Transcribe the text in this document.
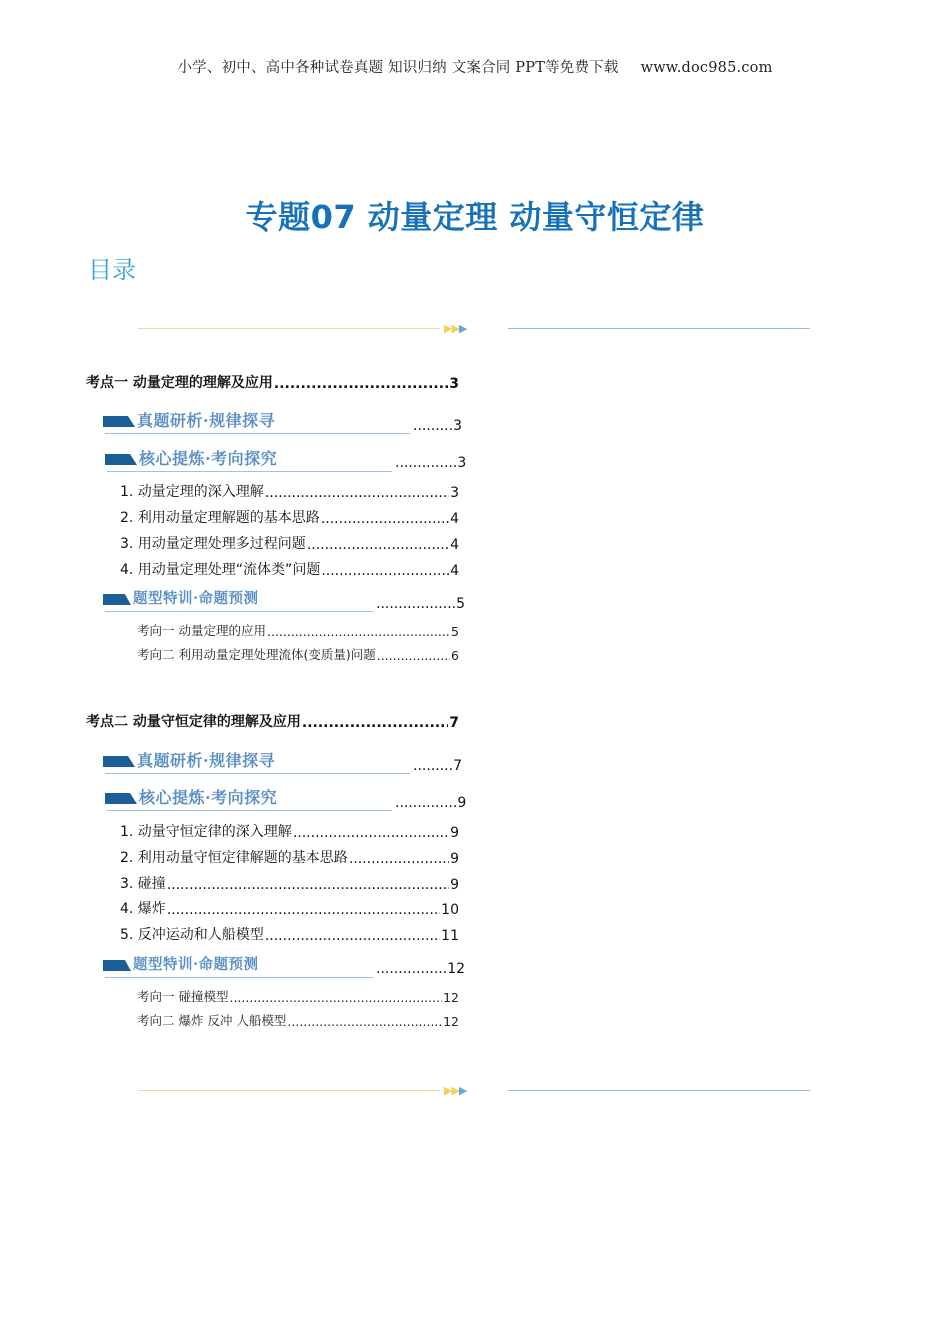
小学、初中、高中各种试卷真题 知识归纳 文案合同 PPT等免费下载 www.doc985.com
专题07 动量定理 动量守恒定律
目录
▶▶▶
考点一 动量定理的理解及应用 .....	3
真题研析·规律探寻	.........3
核心提炼·考向探究	..............3
1. 动量定理的深入理解 .....	3
2. 利用动量定理解题的基本思路 .....	4
3. 用动量定理处理多过程问题 .....	4
4. 用动量定理处理“流体类”问题 .....	4
题型特训·命题预测	..................5
考向一 动量定理的应用 .....	5
考向二 利用动量定理处理流体(变质量)问题 .....	6
考点二 动量守恒定律的理解及应用 .....	7
真题研析·规律探寻	.........7
核心提炼·考向探究	..............9
1. 动量守恒定律的深入理解 .....	9
2. 利用动量守恒定律解题的基本思路 .....	9
3. 碰撞 .....	9
4. 爆炸 .....	10
5. 反冲运动和人船模型 .....	11
题型特训·命题预测	................12
考向一 碰撞模型 .....	12
考向二 爆炸 反冲 人船模型 .....	12
▶▶▶
